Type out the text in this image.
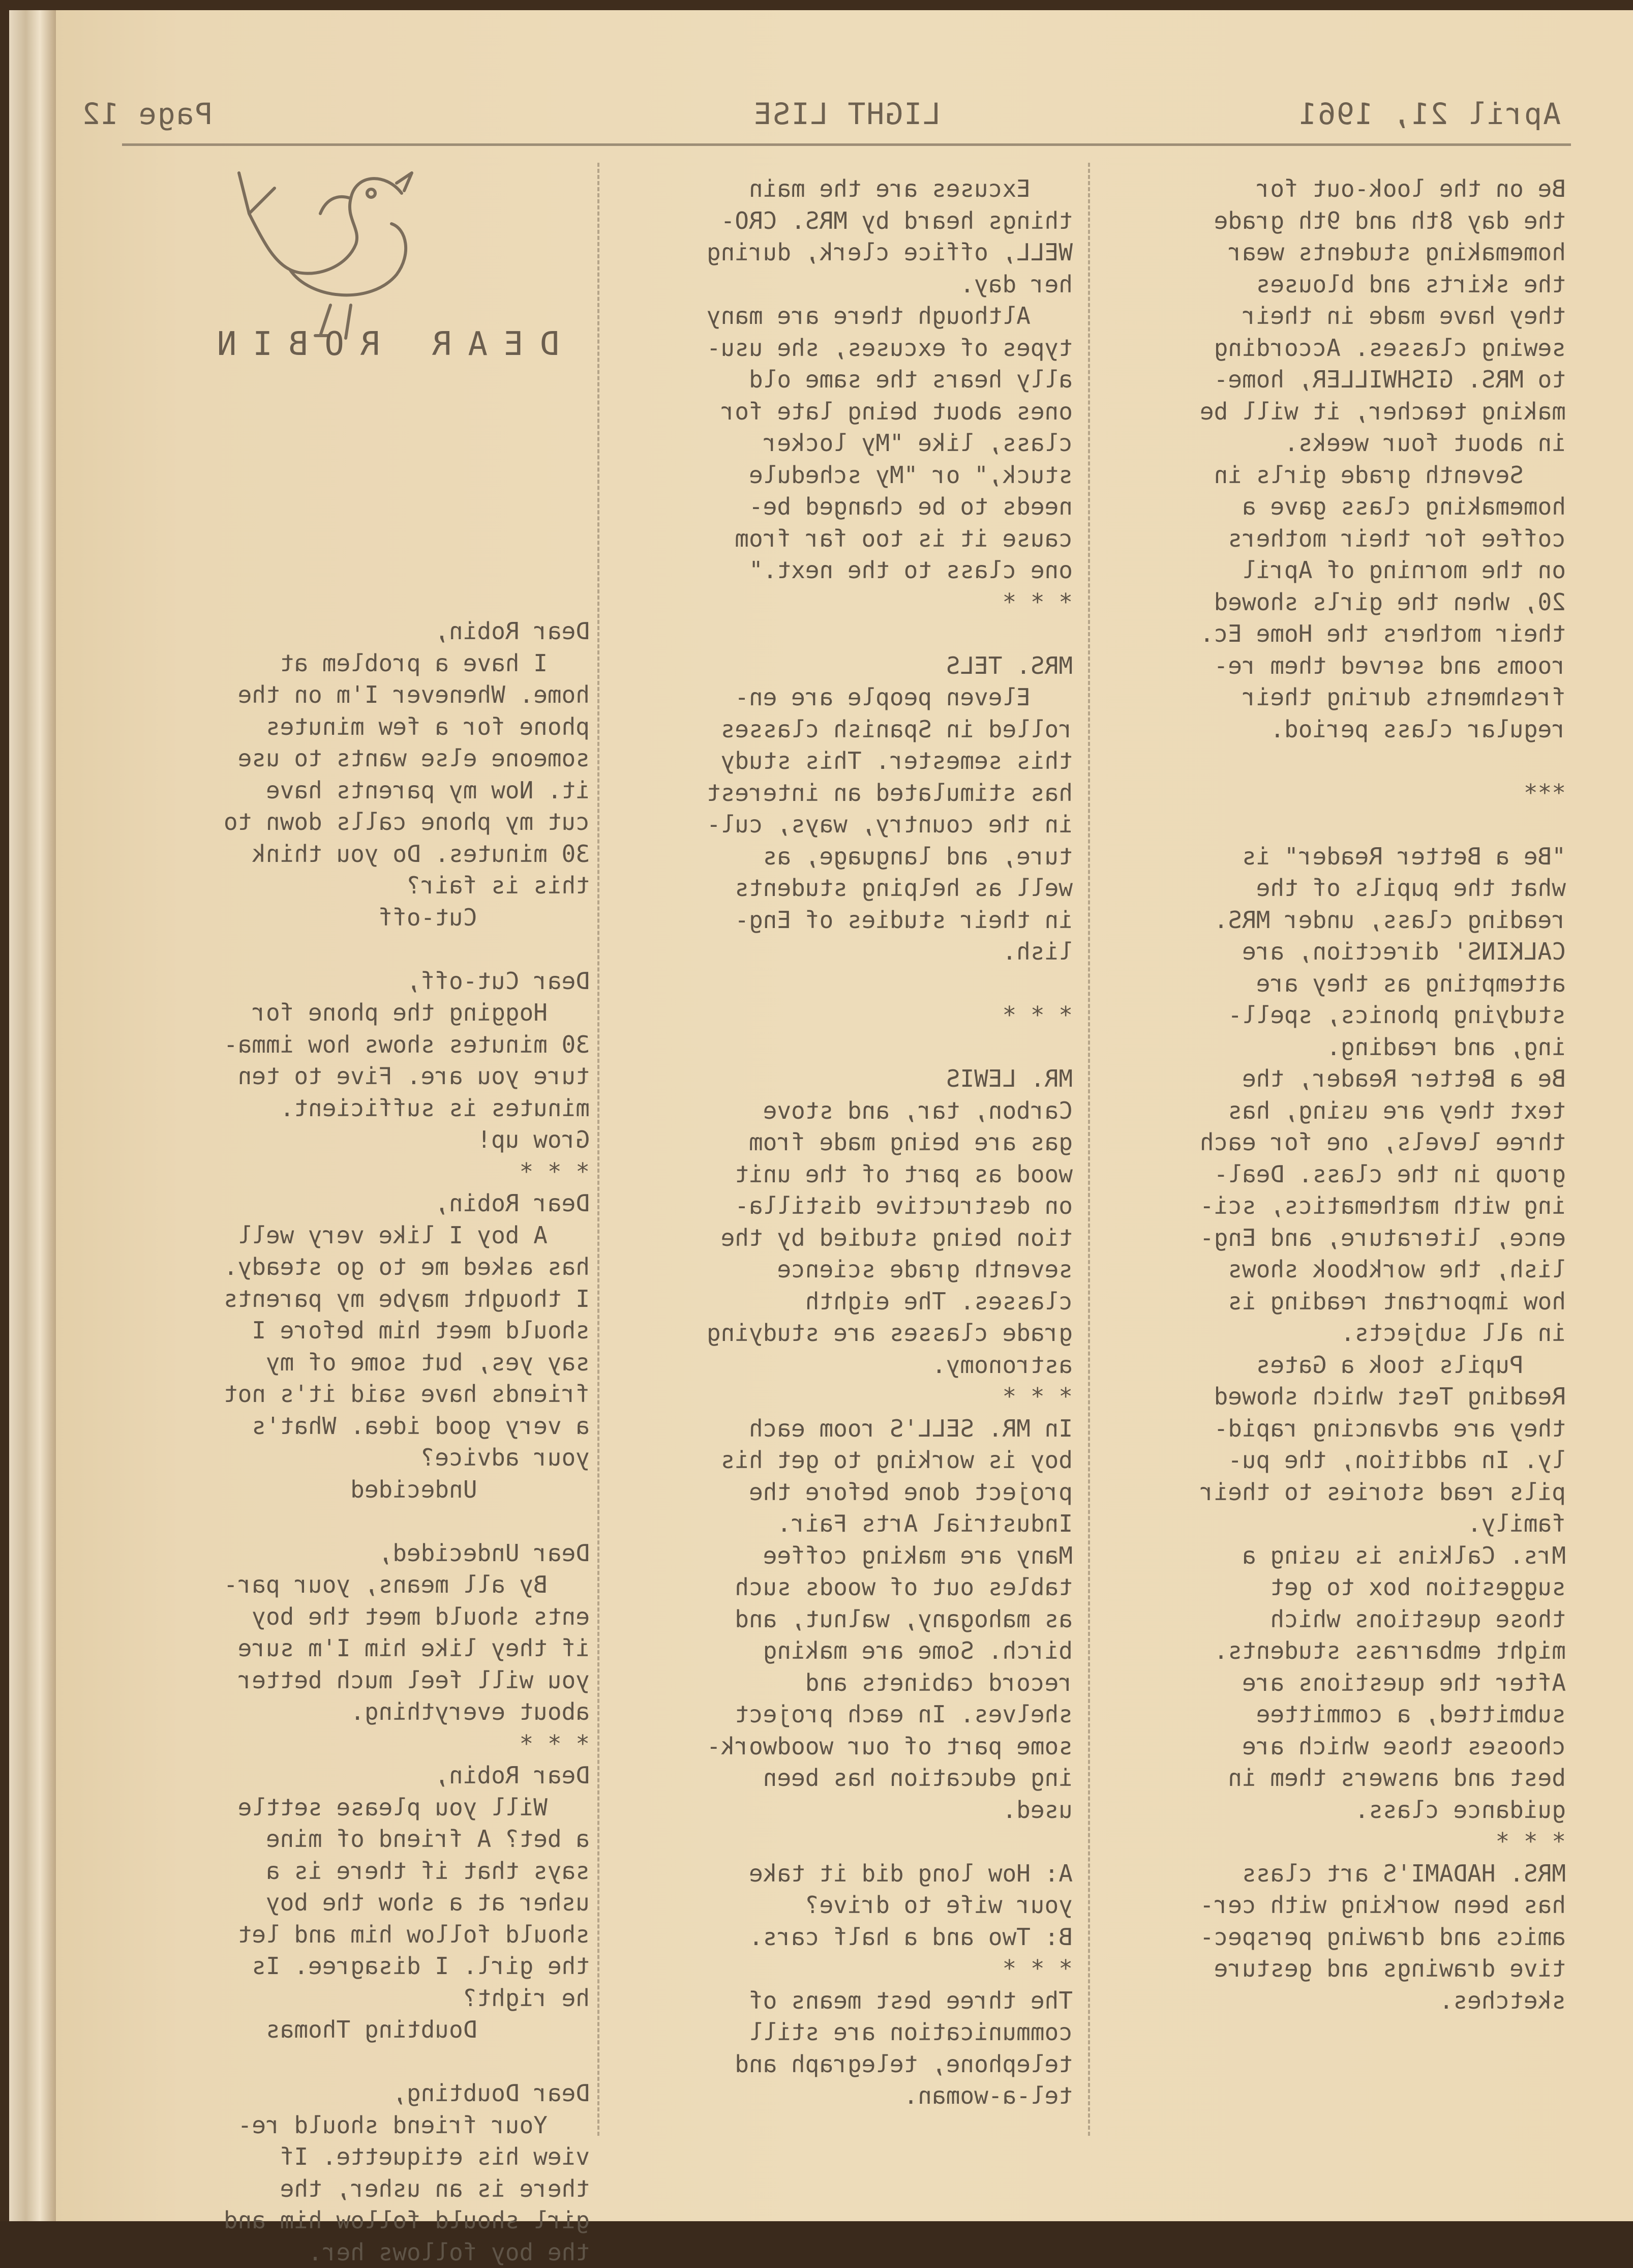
April 21, 1961
LIGHT LISE
Page 12
DEAR ROBIN

Be on the look-out for

the day 8th and 9th grade

homemaking students wear

the skirts and blouses

they have made in their

sewing classes. According

to MRS. GISHWILLER, home-

making teacher, it will be

in about four weeks.

Seventh grade girls in

homemaking class gave a

coffee for their mothers

on the morning of April

20, when the girls showed

their mothers the Home Ec.

rooms and served them re-

freshments during their

regular class period.

***

"Be a Better Reader" is

what the pupils of the

reading class, under MRS.

CALKINS' direction, are

attempting as they are

studying phonics, spell-

ing, and reading.

Be a Better Reader, the

text they are using, has

three levels, one for each

group in the class. Deal-

ing with mathematics, sci-

ence, literature, and Eng-

lish, the workbook shows

how important reading is

in all subjects.

Pupils took a Gates

Reading Test which showed

they are advancing rapid-

ly. In addition, the pu-

pils read stories to their

family.

Mrs. Calkins is using a

suggestion box to get

those questions which

might embarrass students.

After the questions are

submitted, a committee

chooses those which are

best and answers them in

guidance class.

* * *

MRS. HADAMI'S art class

has been working with cer-

amics and drawing perspec-

tive drawings and gesture

sketches.

Excuses are the main

things heard by MRS. CRO-

WELL, office clerk, during

her day.

Although there are many

types of excuses, she usu-

ally hears the same old

ones about being late for

class, like "My locker

stuck," or "My schedule

needs to be changed be-

cause it is too far from

one class to the next."

* * *

MRS. TELS

Eleven people are en-

rolled in Spanish classes

this semester. This study

has stimulated an interest

in the country, ways, cul-

ture, and language, as

well as helping students

in their studies of Eng-

lish.

* * *

MR. LEWIS

Carbon, tar, and stove

gas are being made from

wood as part of the unit

on destructive distilla-

tion being studied by the

seventh grade science

classes. The eighth

grade classes are studying

astronomy.

* * *

In MR. SELL'S room each

boy is working to get his

project done before the

Industrial Arts Fair.

Many are making coffee

tables out of woods such

as mahogany, walnut, and

birch. Some are making

record cabinets and

shelves. In each project

some part of our woodwork-

ing education has been

used.

A: How long did it take

your wife to drive?

B: Two and a half cars.

* * *

The three best means of

communication are still

telephone, telegraph and

tel-a-woman.

Dear Robin,

I have a problem at

home. Whenever I'm on the

phone for a few minutes

someone else wants to use

it. Now my parents have

cut my phone calls down to

30 minutes. Do you think

this is fair?

Cut-off

Dear Cut-off,

Hogging the phone for

30 minutes shows how imma-

ture you are. Five to ten

minutes is sufficient.

Grow up!

* * *

Dear Robin,

A boy I like very well

has asked me to go steady.

I thought maybe my parents

should meet him before I

say yes, but some of my

friends have said it's not

a very good idea. What's

your advice?

Undecided

Dear Undecided,

By all means, your par-

ents should meet the boy

if they like him I'm sure

you will feel much better

about everything.

* * *

Dear Robin,

Will you please settle

a bet? A friend of mine

says that if there is a

usher at a show the boy

should follow him and let

the girl. I disagree. Is

he right?

Doubting Thomas

Dear Doubting,

Your friend should re-

view his etiquette. If

there is an usher, the

girl should follow him and

the boy follows her.
